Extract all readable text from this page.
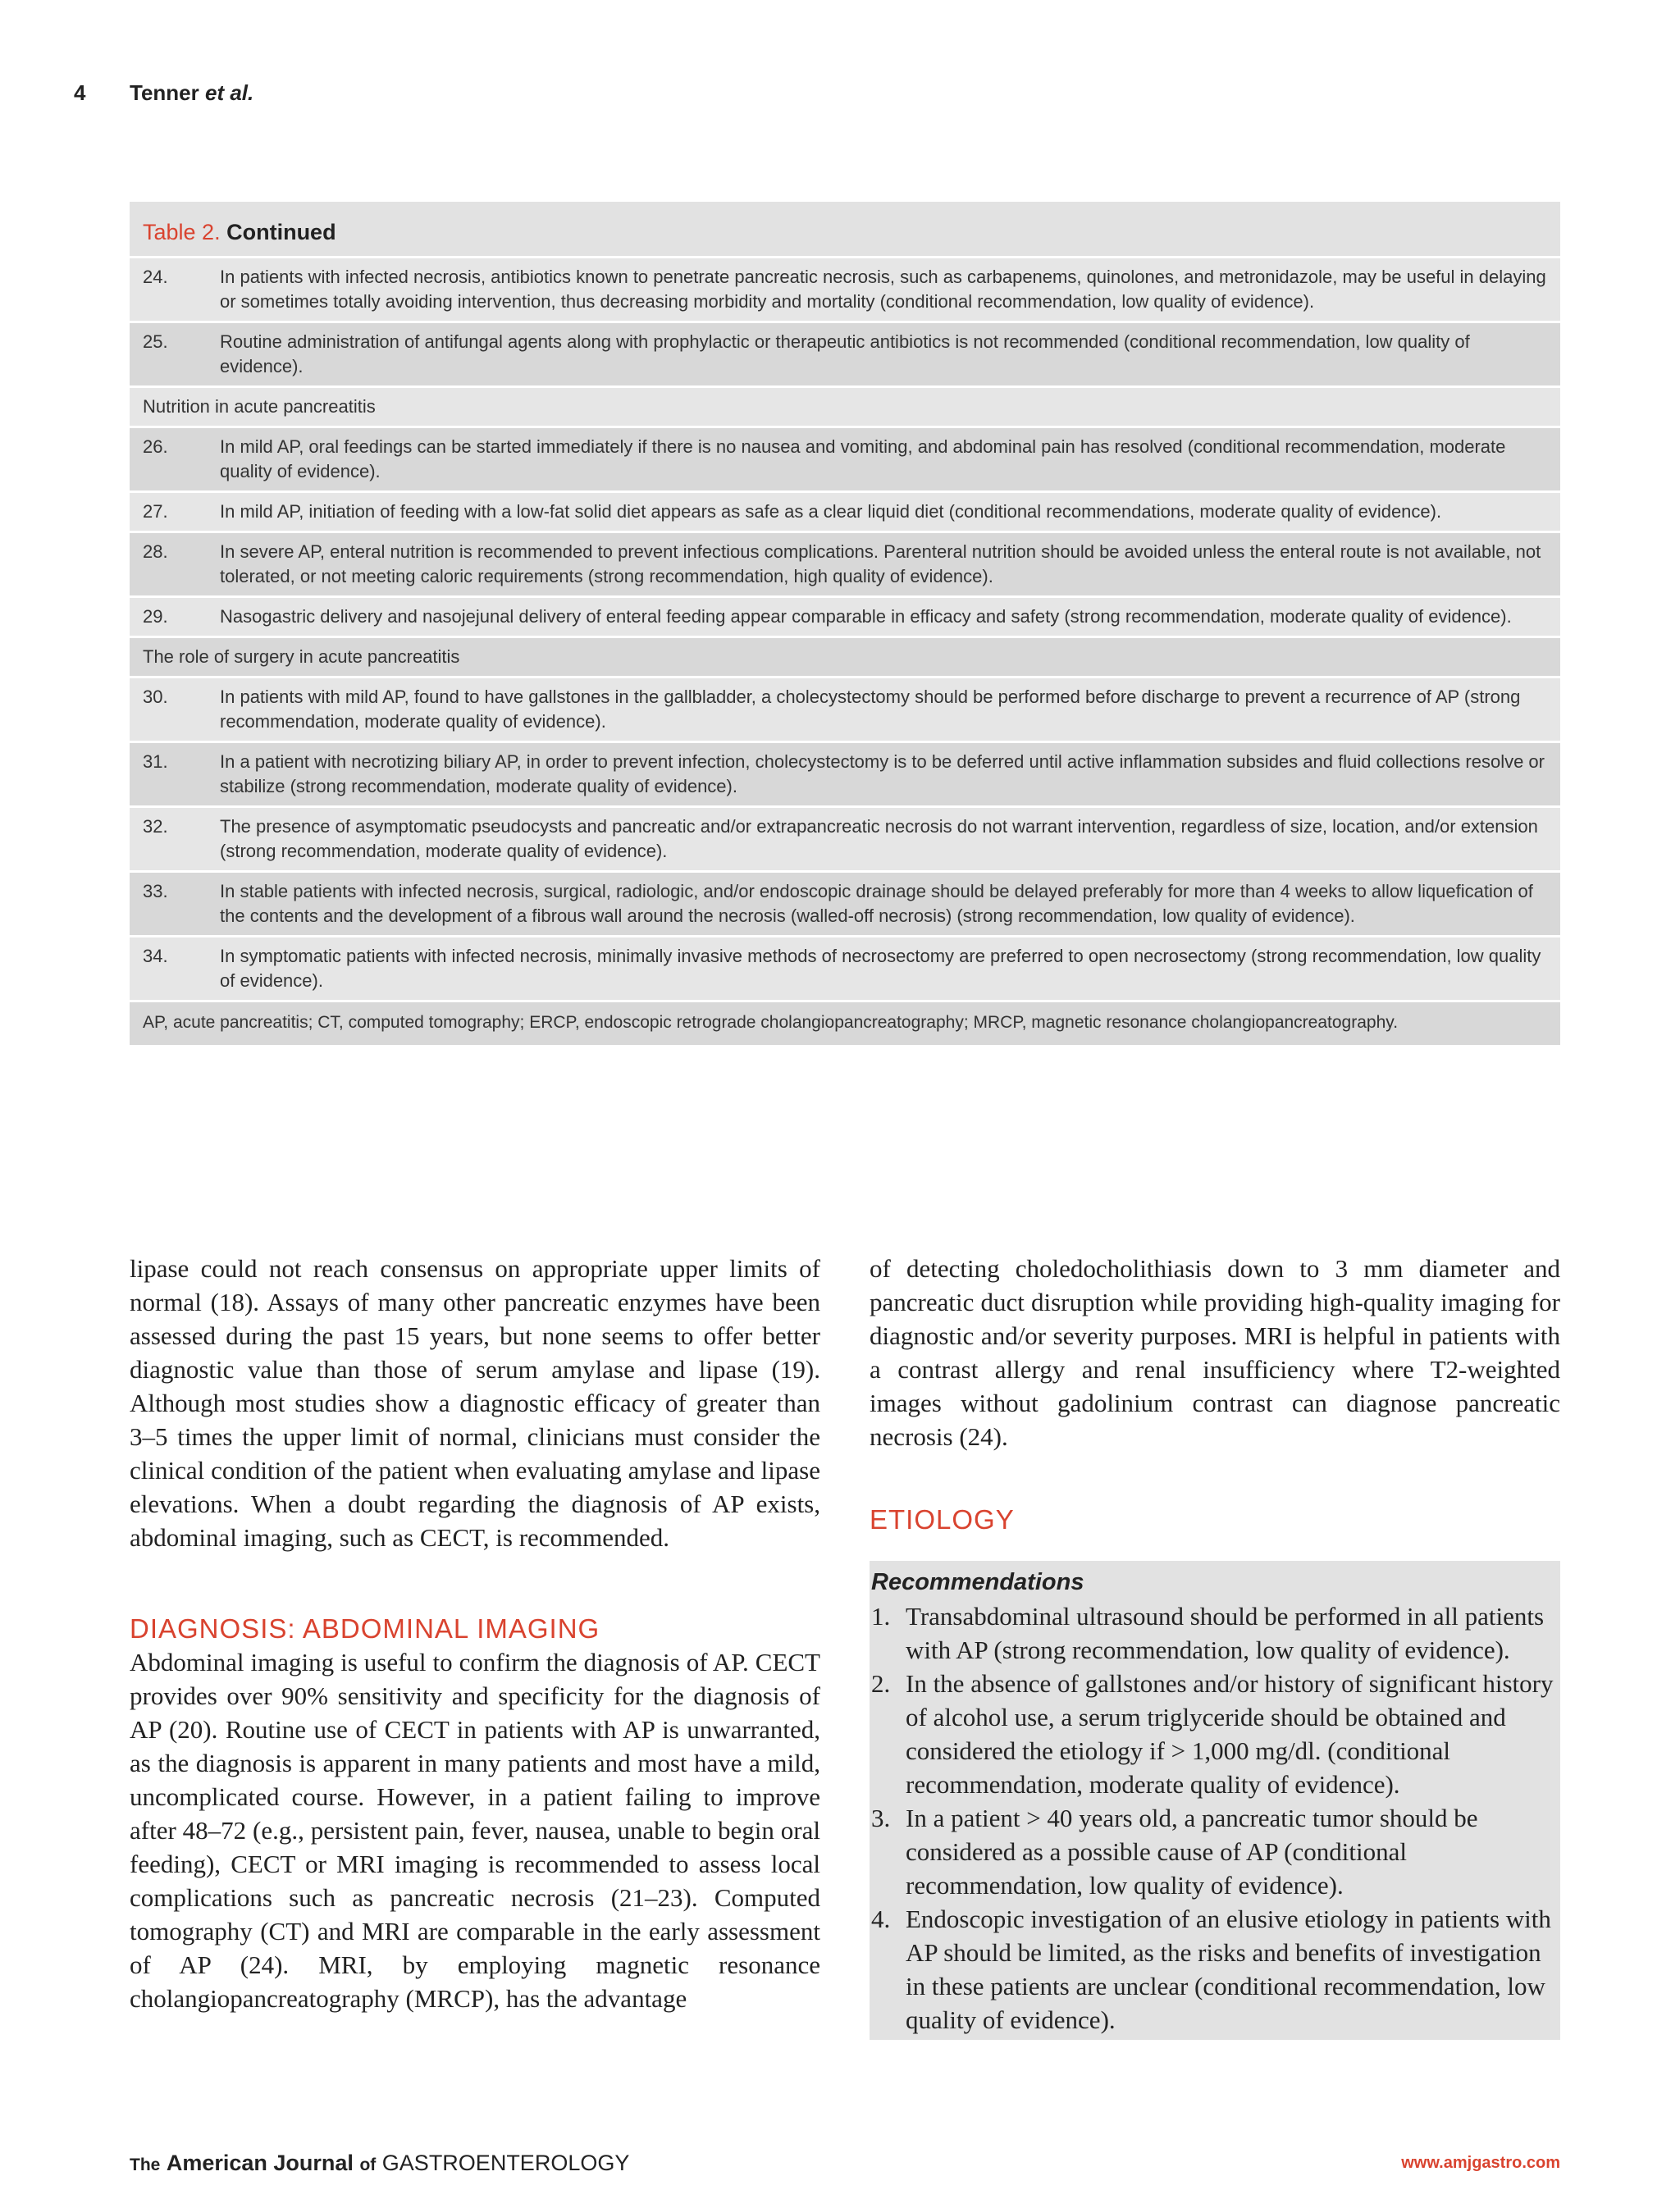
4 Tenner et al.
Table 2. Continued
24.	In patients with infected necrosis, antibiotics known to penetrate pancreatic necrosis, such as carbapenems, quinolones, and metronidazole, may be useful in delaying or sometimes totally avoiding intervention, thus decreasing morbidity and mortality (conditional recommendation, low quality of evidence).
25.	Routine administration of antifungal agents along with prophylactic or therapeutic antibiotics is not recommended (conditional recommendation, low quality of evidence).
Nutrition in acute pancreatitis
26.	In mild AP, oral feedings can be started immediately if there is no nausea and vomiting, and abdominal pain has resolved (conditional recommendation, moderate quality of evidence).
27.	In mild AP, initiation of feeding with a low-fat solid diet appears as safe as a clear liquid diet (conditional recommendations, moderate quality of evidence).
28.	In severe AP, enteral nutrition is recommended to prevent infectious complications. Parenteral nutrition should be avoided unless the enteral route is not available, not tolerated, or not meeting caloric requirements (strong recommendation, high quality of evidence).
29.	Nasogastric delivery and nasojejunal delivery of enteral feeding appear comparable in efficacy and safety (strong recommendation, moderate quality of evidence).
The role of surgery in acute pancreatitis
30.	In patients with mild AP, found to have gallstones in the gallbladder, a cholecystectomy should be performed before discharge to prevent a recurrence of AP (strong recommendation, moderate quality of evidence).
31.	In a patient with necrotizing biliary AP, in order to prevent infection, cholecystectomy is to be deferred until active inflammation subsides and fluid collections resolve or stabilize (strong recommendation, moderate quality of evidence).
32.	The presence of asymptomatic pseudocysts and pancreatic and/or extrapancreatic necrosis do not warrant intervention, regardless of size, location, and/or extension (strong recommendation, moderate quality of evidence).
33.	In stable patients with infected necrosis, surgical, radiologic, and/or endoscopic drainage should be delayed preferably for more than 4 weeks to allow liquefication of the contents and the development of a fibrous wall around the necrosis (walled-off necrosis) (strong recommendation, low quality of evidence).
34.	In symptomatic patients with infected necrosis, minimally invasive methods of necrosectomy are preferred to open necrosectomy (strong recommendation, low quality of evidence).
AP, acute pancreatitis; CT, computed tomography; ERCP, endoscopic retrograde cholangiopancreatography; MRCP, magnetic resonance cholangiopancreatography.

lipase could not reach consensus on appropriate upper limits of normal (18). Assays of many other pancreatic enzymes have been assessed during the past 15 years, but none seems to offer better diagnostic value than those of serum amylase and lipase (19). Although most studies show a diagnostic efficacy of greater than 3–5 times the upper limit of normal, clinicians must consider the clinical condition of the patient when evaluating amylase and lipase elevations. When a doubt regarding the diagnosis of AP exists, abdominal imaging, such as CECT, is recommended.

DIAGNOSIS: ABDOMINAL IMAGING

Abdominal imaging is useful to confirm the diagnosis of AP. CECT provides over 90% sensitivity and specificity for the diagnosis of AP (20). Routine use of CECT in patients with AP is unwarranted, as the diagnosis is apparent in many patients and most have a mild, uncomplicated course. However, in a patient failing to improve after 48–72 (e.g., persistent pain, fever, nausea, unable to begin oral feeding), CECT or MRI imaging is recommended to assess local complications such as pancreatic necrosis (21–23). Computed tomography (CT) and MRI are comparable in the early assessment of AP (24). MRI, by employing magnetic resonance cholangiopancreatography (MRCP), has the advantage

of detecting choledocholithiasis down to 3 mm diameter and pancreatic duct disruption while providing high-quality imaging for diagnostic and/or severity purposes. MRI is helpful in patients with a contrast allergy and renal insufficiency where T2-weighted images without gadolinium contrast can diagnose pancreatic necrosis (24).

ETIOLOGY
Recommendations
1. Transabdominal ultrasound should be performed in all patients with AP (strong recommendation, low quality of evidence).
2. In the absence of gallstones and/or history of significant history of alcohol use, a serum triglyceride should be obtained and considered the etiology if > 1,000 mg/dl. (conditional recommendation, moderate quality of evidence).
3. In a patient > 40 years old, a pancreatic tumor should be considered as a possible cause of AP (conditional recommendation, low quality of evidence).
4. Endoscopic investigation of an elusive etiology in patients with AP should be limited, as the risks and benefits of investigation in these patients are unclear (conditional recommendation, low quality of evidence).
The American Journal of GASTROENTEROLOGY	www.amjgastro.com
